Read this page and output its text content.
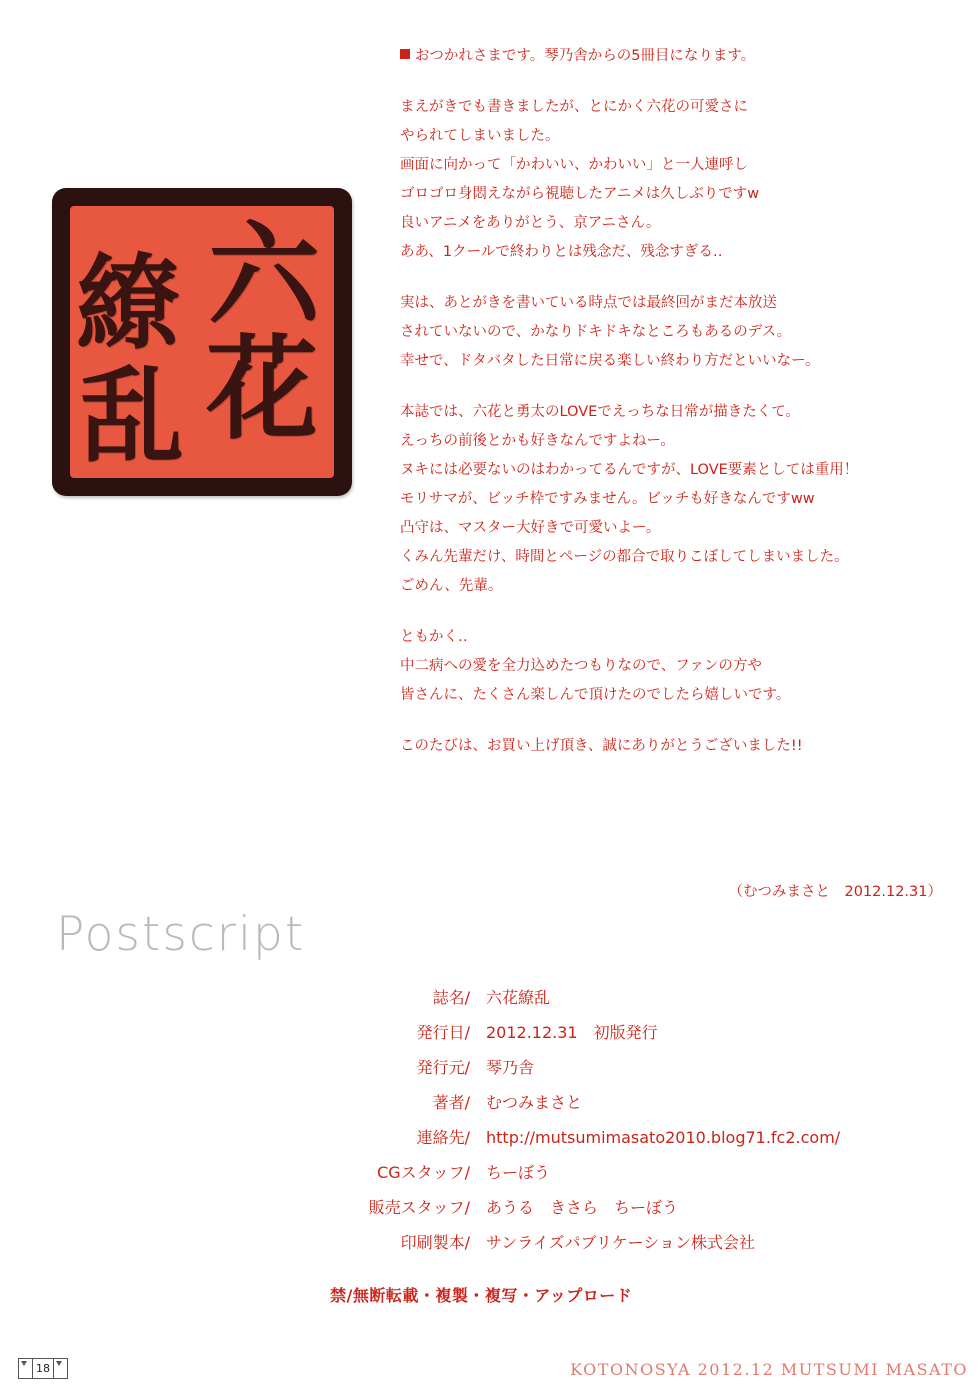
六
繚
花
乱
Postscript
おつかれさまです。琴乃舎からの5冊目になります。
まえがきでも書きましたが、とにかく六花の可愛さに
やられてしまいました。
画面に向かって「かわいい、かわいい」と一人連呼し
ゴロゴロ身悶えながら視聴したアニメは久しぶりですw
良いアニメをありがとう、京アニさん。
ああ、1クールで終わりとは残念だ、残念すぎる‥
実は、あとがきを書いている時点では最終回がまだ本放送
されていないので、かなりドキドキなところもあるのデス。
幸せで、ドタバタした日常に戻る楽しい終わり方だといいなー。
本誌では、六花と勇太のLOVEでえっちな日常が描きたくて。
えっちの前後とかも好きなんですよねー。
ヌキには必要ないのはわかってるんですが、LOVE要素としては重用！
モリサマが、ビッチ枠ですみません。ビッチも好きなんですww
凸守は、マスター大好きで可愛いよー。
くみん先輩だけ、時間とページの都合で取りこぼしてしまいました。
ごめん、先輩。
ともかく‥
中二病への愛を全力込めたつもりなので、ファンの方や
皆さんに、たくさん楽しんで頂けたのでしたら嬉しいです。
このたびは、お買い上げ頂き、誠にありがとうございました!!
（むつみまさと　2012.12.31）
誌名/	六花繚乱
発行日/	2012.12.31　初版発行
発行元/	琴乃舎
著者/	むつみまさと
連絡先/	http://mutsumimasato2010.blog71.fc2.com/
CGスタッフ/	ちーぼう
販売スタッフ/	あうる　きさら　ちーぼう
印刷製本/	サンライズパブリケーション株式会社
禁/無断転載・複製・複写・アップロード
KOTONOSYA 2012.12 MUTSUMI MASATO
18
